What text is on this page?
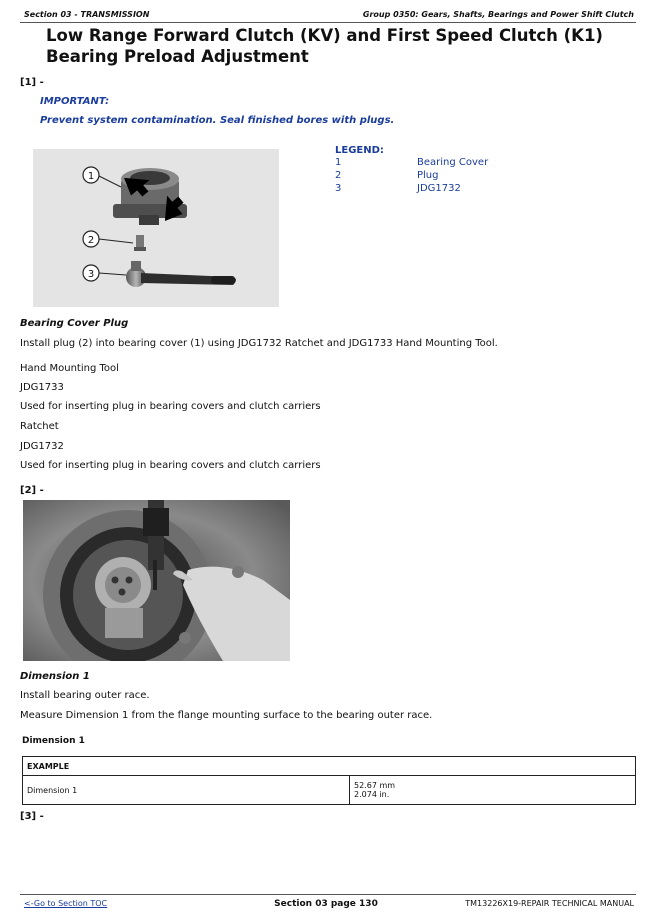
Section 03 - TRANSMISSION	Group 0350: Gears, Shafts, Bearings and Power Shift Clutch
Low Range Forward Clutch (KV) and First Speed Clutch (K1) Bearing Preload Adjustment
[1] -
IMPORTANT:
Prevent system contamination. Seal finished bores with plugs.
1
2
3
LEGEND:
1	Bearing Cover
2	Plug
3	JDG1732
Bearing Cover Plug
Install plug (2) into bearing cover (1) using JDG1732 Ratchet and JDG1733 Hand Mounting Tool.
Hand Mounting Tool
JDG1733
Used for inserting plug in bearing covers and clutch carriers
Ratchet
JDG1732
Used for inserting plug in bearing covers and clutch carriers
[2] -
Dimension 1
Install bearing outer race.
Measure Dimension 1 from the flange mounting surface to the bearing outer race.
Dimension 1
EXAMPLE
Dimension 1	52.67 mm
2.074 in.
[3] -
<-Go to Section TOC	Section 03 page 130	TM13226X19-REPAIR TECHNICAL MANUAL
